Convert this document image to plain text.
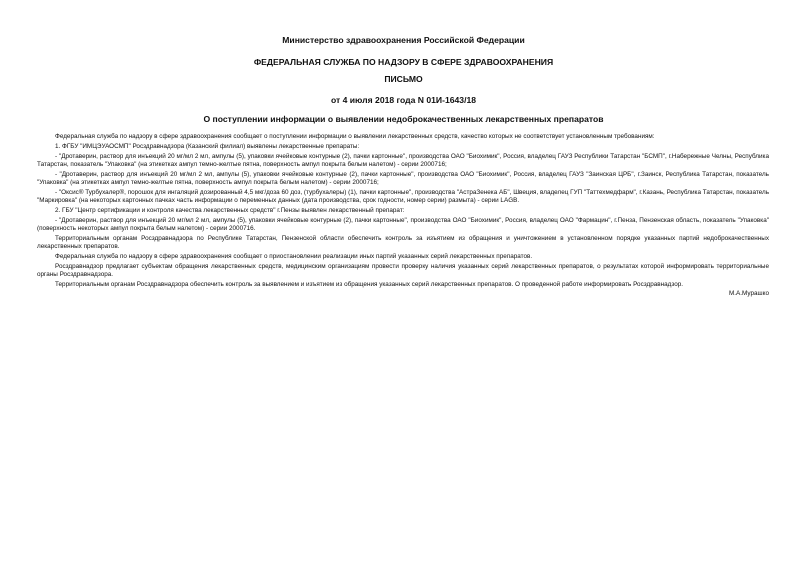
Министерство здравоохранения Российской Федерации
ФЕДЕРАЛЬНАЯ СЛУЖБА ПО НАДЗОРУ В СФЕРЕ ЗДРАВООХРАНЕНИЯ
ПИСЬМО
от 4 июля 2018 года N 01И-1643/18
О поступлении информации о выявлении недоброкачественных лекарственных препаратов

Федеральная служба по надзору в сфере здравоохранения сообщает о поступлении информации о выявлении лекарственных средств, качество которых не соответствует установленным требованиям:

1. ФГБУ "ИМЦЭУАОСМП" Росздравнадзора (Казанский филиал) выявлены лекарственные препараты:

- "Дротаверин, раствор для инъекций 20 мг/мл 2 мл, ампулы (5), упаковки ячейковые контурные (2), пачки картонные", производства ОАО "Биохимик", Россия, владелец ГАУЗ Республики Татарстан "БСМП", г.Набережные Челны, Республика Татарстан, показатель "Упаковка" (на этикетках ампул темно-желтые пятна, поверхность ампул покрыта белым налетом) - серии 2000716;

- "Дротаверин, раствор для инъекций 20 мг/мл 2 мл, ампулы (5), упаковки ячейковые контурные (2), пачки картонные", производства ОАО "Биохимик", Россия, владелец ГАУЗ "Заинская ЦРБ", г.Заинск, Республика Татарстан, показатель "Упаковка" (на этикетках ампул темно-желтые пятна, поверхность ампул покрыта белым налетом) - серии 2000716;

- "Оксис® Турбухалер®, порошок для ингаляций дозированный 4,5 мкг/доза 60 доз, (турбухалеры) (1), пачки картонные", производства "АстраЗенека АБ", Швеция, владелец ГУП "Таттехмедфарм", г.Казань, Республика Татарстан, показатель "Маркировка" (на некоторых картонных пачках часть информации о переменных данных (дата производства, срок годности, номер серии) размыта) - серии LAGB.

2. ГБУ "Центр сертификации и контроля качества лекарственных средств" г.Пензы выявлен лекарственный препарат:

- "Дротаверин, раствор для инъекций 20 мг/мл 2 мл, ампулы (5), упаковки ячейковые контурные (2), пачки картонные", производства ОАО "Биохимик", Россия, владелец ОАО "Фармацин", г.Пенза, Пензенская область, показатель "Упаковка" (поверхность некоторых ампул покрыта белым налетом) - серии 2000716.

Территориальным органам Росздравнадзора по Республике Татарстан, Пензенской области обеспечить контроль за изъятием из обращения и уничтожением в установленном порядке указанных партий недоброкачественных лекарственных препаратов.

Федеральная служба по надзору в сфере здравоохранения сообщает о приостановлении реализации иных партий указанных серий лекарственных препаратов.

Росздравнадзор предлагает субъектам обращения лекарственных средств, медицинским организациям провести проверку наличия указанных серий лекарственных препаратов, о результатах которой информировать территориальные органы Росздравнадзора.

Территориальным органам Росздравнадзора обеспечить контроль за выявлением и изъятием из обращения указанных серий лекарственных препаратов. О проведенной работе информировать Росздравнадзор.

М.А.Мурашко
